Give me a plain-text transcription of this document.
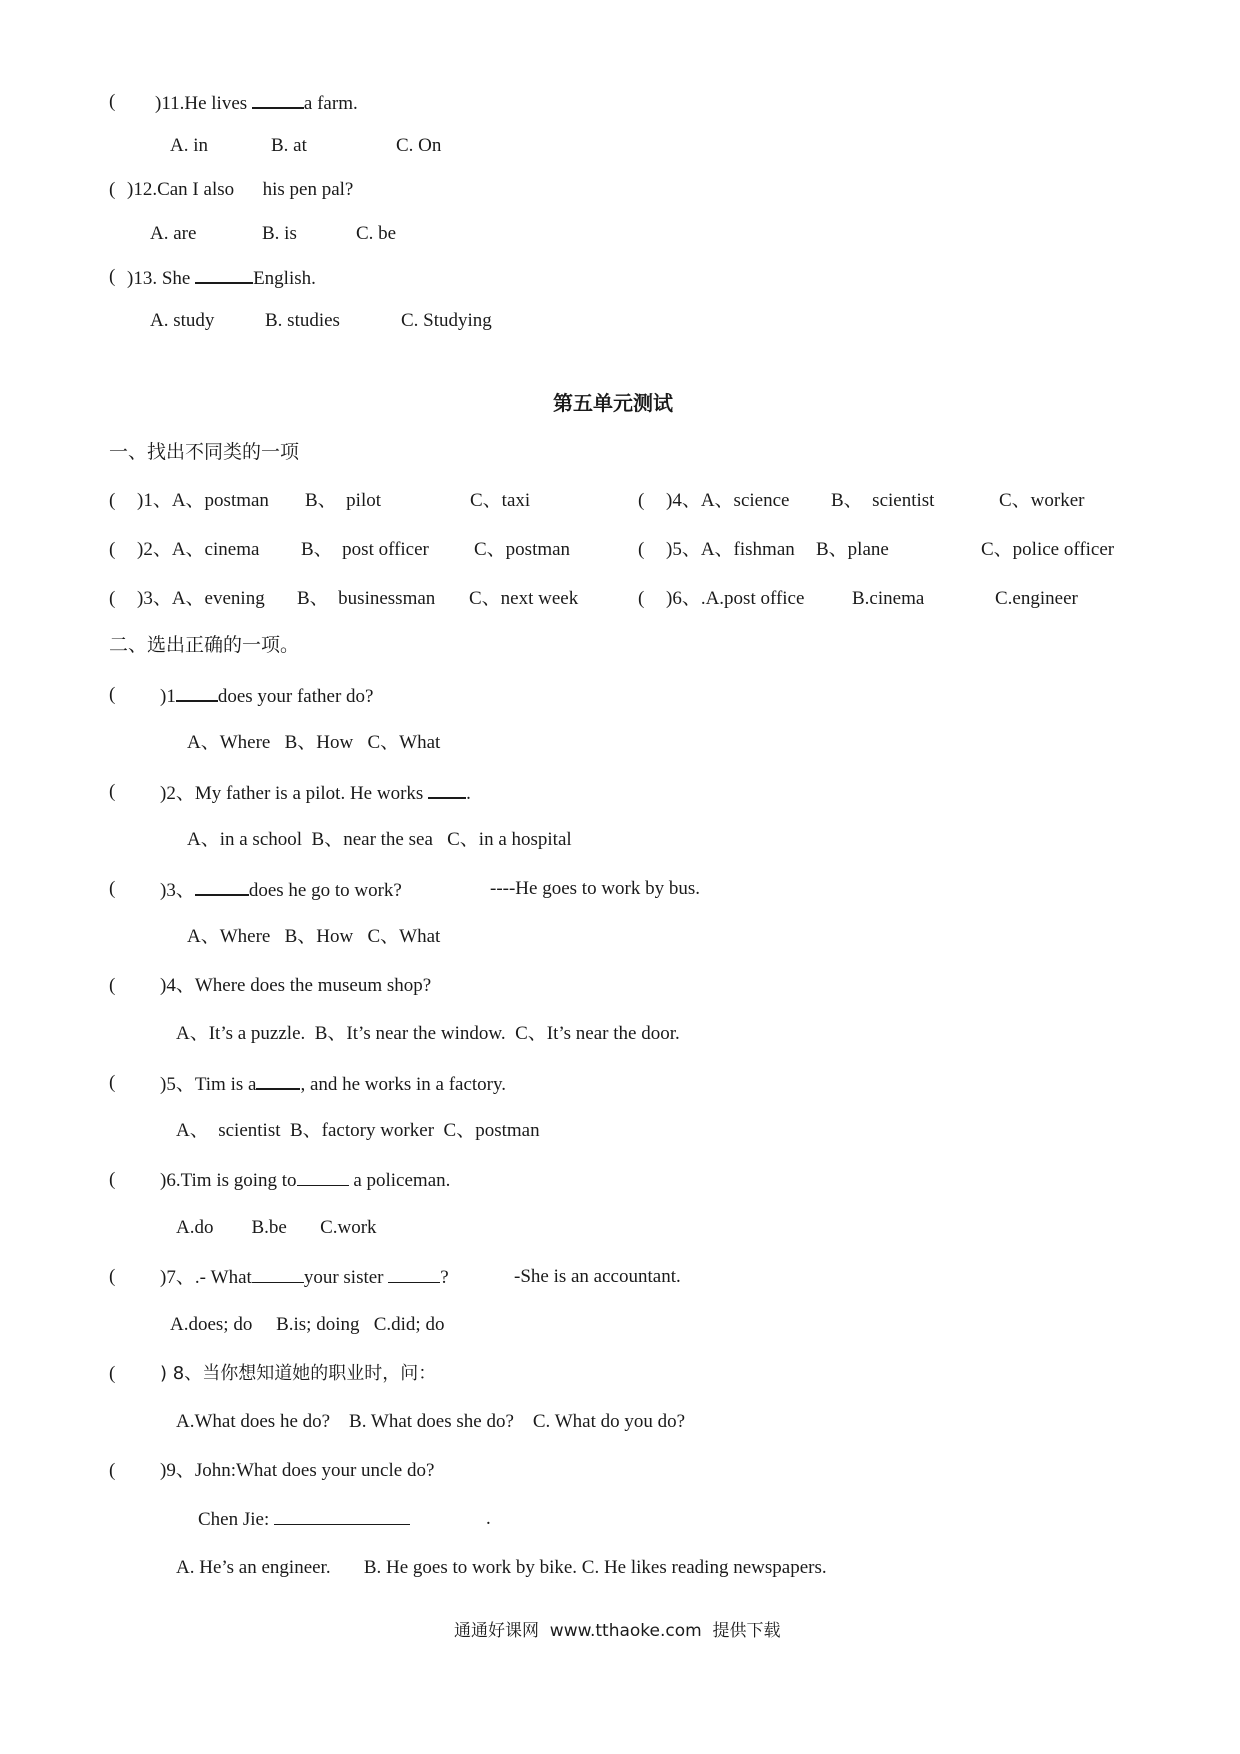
( )11.He lives	a farm.
A. in	B. at	C. On
( )12.Can I also      his pen pal?
A. are	B. is	C. be
( )13. She	English.
A. study	B. studies	C. Studying
第五单元测试
一、找出不同类的一项
( )1、A、postman B、  pilot	C、taxi	( )4、A、science B、  scientist	C、worker
( )2、A、cinema B、  post officer C、postman	( )5、A、fishman B、plane	C、police officer
( )3、A、evening B、  businessman C、next week	( )6、.A.post office	B.cinema	C.engineer
二、选出正确的一项。
( )1 does your father do?
A、Where   B、How   C、What
( )2、My father is a pilot. He works .
A、in a school  B、near the sea   C、in a hospital
( )3、	does he go to work?	----He goes to work by bus.
A、Where   B、How   C、What
( )4、Where does the museum shop?
A、It’s a puzzle.  B、It’s near the window.  C、It’s near the door.
( )5、Tim is a , and he works in a factory.
A、  scientist  B、factory worker  C、postman
( )6.Tim is going to	a policeman.
A.do        B.be       C.work
( )7、.- What	your sister	?	-She is an accountant.
A.does; do     B.is; doing   C.did; do
( ) 8、当你想知道她的职业时，问：
A.What does he do?    B. What does she do?    C. What do you do?
( )9、John:What does your uncle do?
Chen Jie:	.
A. He’s an engineer.       B. He goes to work by bike. C. He likes reading newspapers.
通通好课网  www.tthaoke.com  提供下载
